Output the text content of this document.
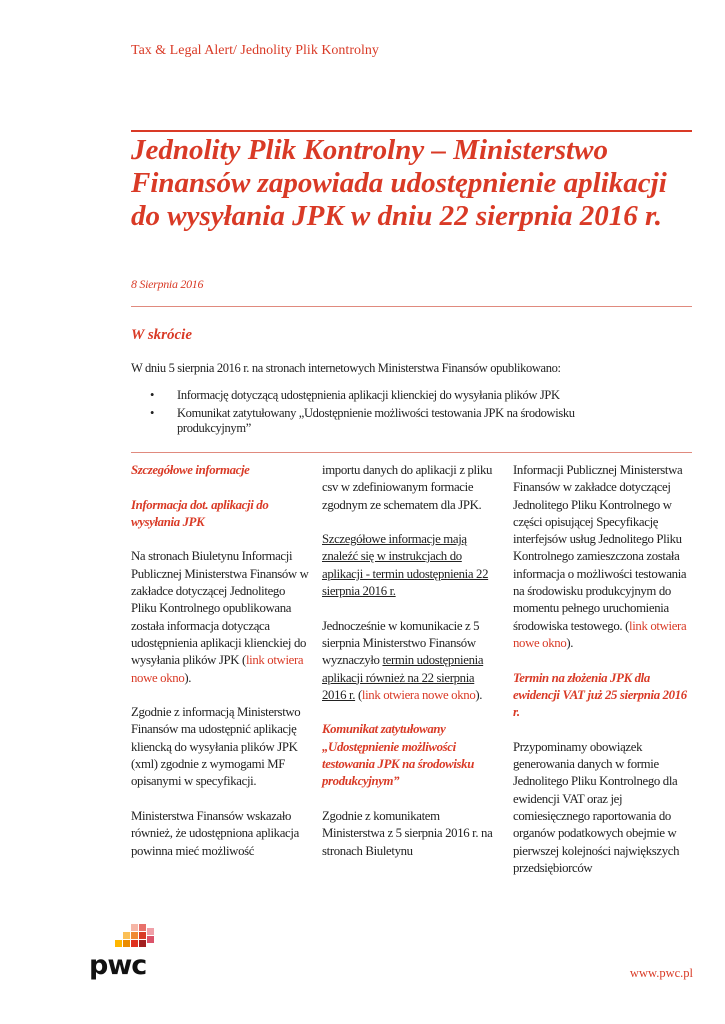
Tax & Legal Alert/ Jednolity Plik Kontrolny
Jednolity Plik Kontrolny – Ministerstwo Finansów zapowiada udostępnienie aplikacji do wysyłania JPK w dniu 22 sierpnia 2016 r.
8 Sierpnia 2016
W skrócie
W dniu 5 sierpnia 2016 r. na stronach internetowych Ministerstwa Finansów opublikowano:
• Informację dotyczącą udostępnienia aplikacji klienckiej do wysyłania plików JPK
• Komunikat zatytułowany „Udostępnienie możliwości testowania JPK na środowisku produkcyjnym”

Szczegółowe informacje

Informacja dot. aplikacji do wysyłania JPK

Na stronach Biuletynu Informacji Publicznej Ministerstwa Finansów w zakładce dotyczącej Jednolitego Pliku Kontrolnego opublikowana została informacja dotycząca udostępnienia aplikacji klienckiej do wysyłania plików JPK (link otwiera nowe okno).

Zgodnie z informacją Ministerstwo Finansów ma udostępnić aplikację kliencką do wysyłania plików JPK (xml) zgodnie z wymogami MF opisanymi w specyfikacji.

Ministerstwa Finansów wskazało również, że udostępniona aplikacja powinna mieć możliwość

importu danych do aplikacji z pliku csv w zdefiniowanym formacie zgodnym ze schematem dla JPK.

Szczegółowe informacje mają znaleźć się w instrukcjach do aplikacji - termin udostępnienia 22 sierpnia 2016 r.

Jednocześnie w komunikacie z 5 sierpnia Ministerstwo Finansów wyznaczyło termin udostępnienia aplikacji również na 22 sierpnia 2016 r. (link otwiera nowe okno).

Komunikat zatytułowany „Udostępnienie możliwości testowania JPK na środowisku produkcyjnym”

Zgodnie z komunikatem Ministerstwa z 5 sierpnia 2016 r. na stronach Biuletynu

Informacji Publicznej Ministerstwa Finansów w zakładce dotyczącej Jednolitego Pliku Kontrolnego w części opisującej Specyfikację interfejsów usług Jednolitego Pliku Kontrolnego zamieszczona została informacja o możliwości testowania na środowisku produkcyjnym do momentu pełnego uruchomienia środowiska testowego. (link otwiera nowe okno).

Termin na złożenia JPK dla ewidencji VAT już 25 sierpnia 2016 r.

Przypominamy obowiązek generowania danych w formie Jednolitego Pliku Kontrolnego dla ewidencji VAT oraz jej comiesięcznego raportowania do organów podatkowych obejmie w pierwszej kolejności największych przedsiębiorców

pwc	www.pwc.pl
